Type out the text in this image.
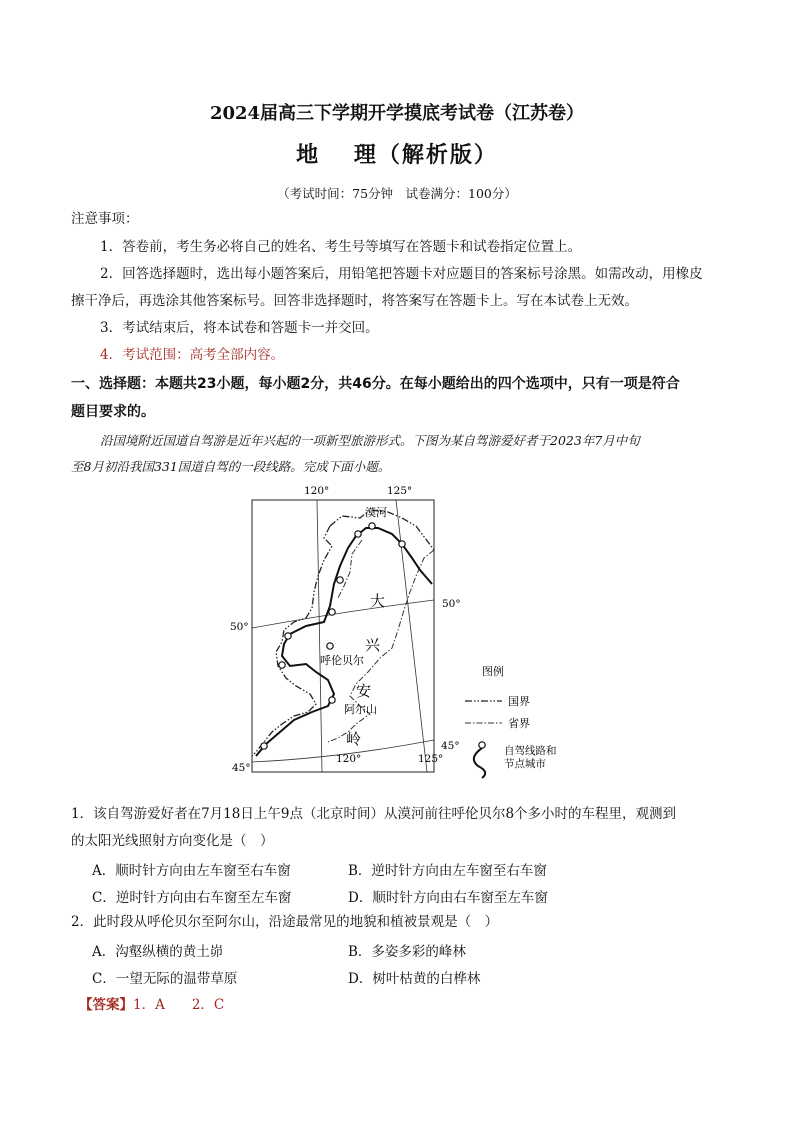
2024届高三下学期开学摸底考试卷（江苏卷）
地　 理（解析版）
（考试时间：75分钟　试卷满分：100分）
注意事项：
1．答卷前，考生务必将自己的姓名、考生号等填写在答题卡和试卷指定位置上。
2．回答选择题时，选出每小题答案后，用铅笔把答题卡对应题目的答案标号涂黑。如需改动，用橡皮
擦干净后，再选涂其他答案标号。回答非选择题时，将答案写在答题卡上。写在本试卷上无效。
3．考试结束后，将本试卷和答题卡一并交回。
4．考试范围：高考全部内容。
一、选择题：本题共23小题，每小题2分，共46分。在每小题给出的四个选项中，只有一项是符合
题目要求的。
沿国境附近国道自驾游是近年兴起的一项新型旅游形式。下图为某自驾游爱好者于2023年7月中旬
至8月初沿我国331国道自驾的一段线路。完成下面小题。
120°	125°
120°	125°
50°
50°
45°
45°
漠河
呼伦贝尔
阿尔山
大
兴
安
岭
图例
国界
省界
自驾线路和
节点城市
1．该自驾游爱好者在7月18日上午9点（北京时间）从漠河前往呼伦贝尔8个多小时的车程里，观测到
的太阳光线照射方向变化是（　）
A．顺时针方向由左车窗至右车窗	B．逆时针方向由左车窗至右车窗
C．逆时针方向由右车窗至左车窗	D．顺时针方向由右车窗至左车窗
2．此时段从呼伦贝尔至阿尔山，沿途最常见的地貌和植被景观是（　）
A．沟壑纵横的黄土峁	B．多姿多彩的峰林
C．一望无际的温带草原	D．树叶枯黄的白桦林
【答案】1．A　　2．C
